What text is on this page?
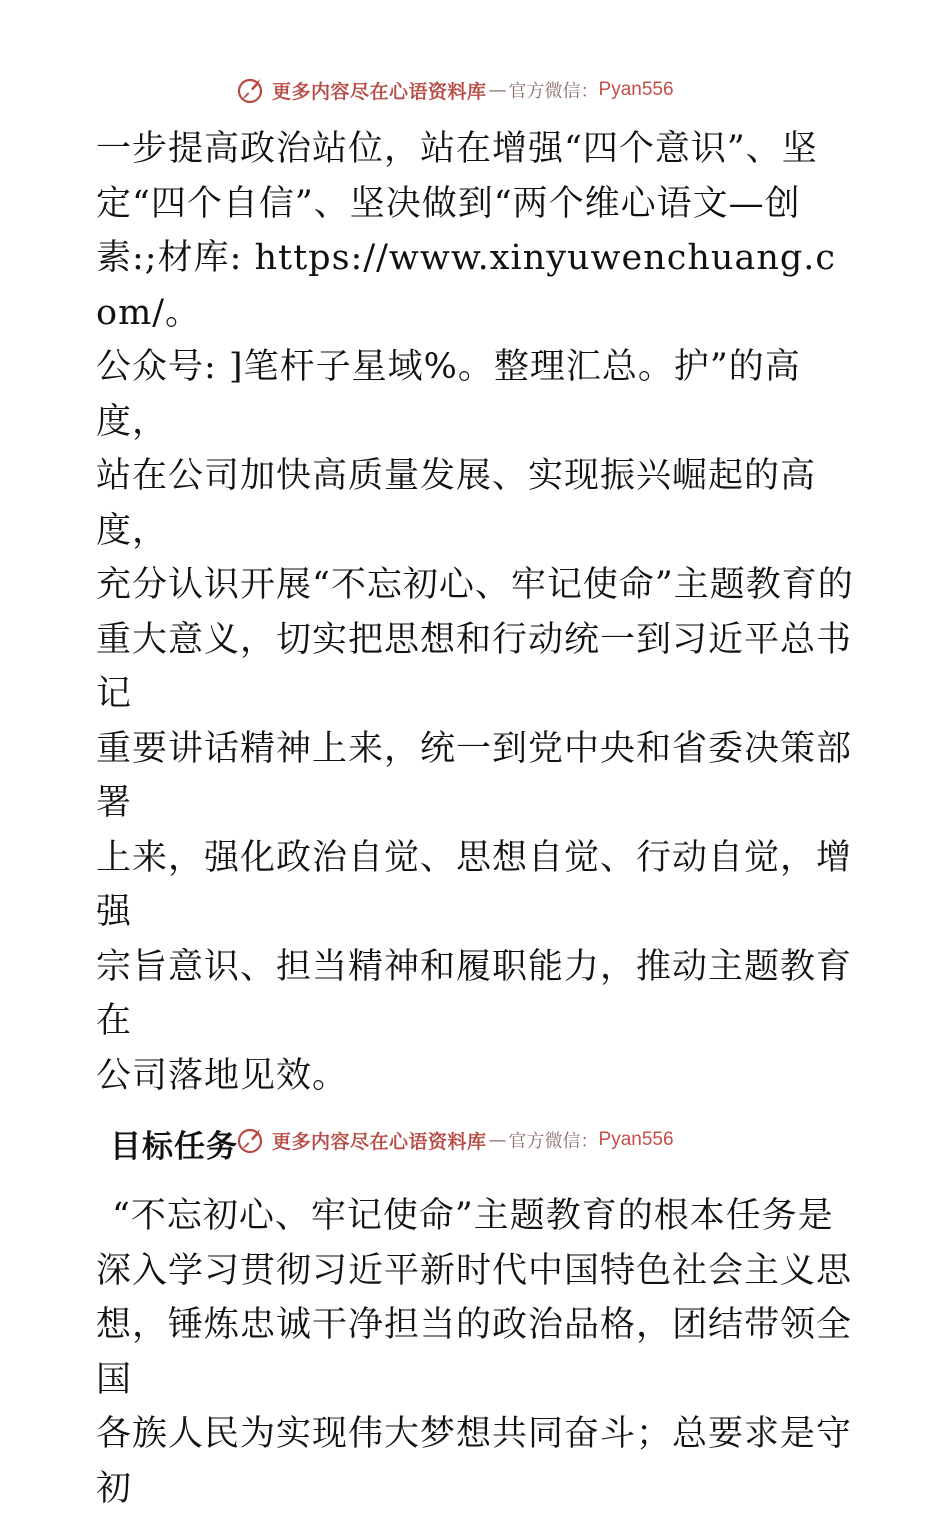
更多内容尽在心语资料库 — 官方微信： Pyan556

一步提高政治站位，站在增强“四个意识”、坚
定“四个自信”、坚决做到“两个维心语文—创
素:;材库: https://www.xinyuwenchuang.com/。
公众号: ]笔杆子星域%。整理汇总。护”的高度，
站在公司加快高质量发展、实现振兴崛起的高度，
充分认识开展“不忘初心、牢记使命”主题教育的
重大意义，切实把思想和行动统一到习近平总书记
重要讲话精神上来，统一到党中央和省委决策部署
上来，强化政治自觉、思想自觉、行动自觉，增强
宗旨意识、担当精神和履职能力，推动主题教育在
公司落地见效。

目标任务

“不忘初心、牢记使命”主题教育的根本任务是
深入学习贯彻习近平新时代中国特色社会主义思
想，锤炼忠诚干净担当的政治品格，团结带领全国
各族人民为实现伟大梦想共同奋斗；总要求是守初

更多内容尽在心语资料库 — 官方微信： Pyan556
